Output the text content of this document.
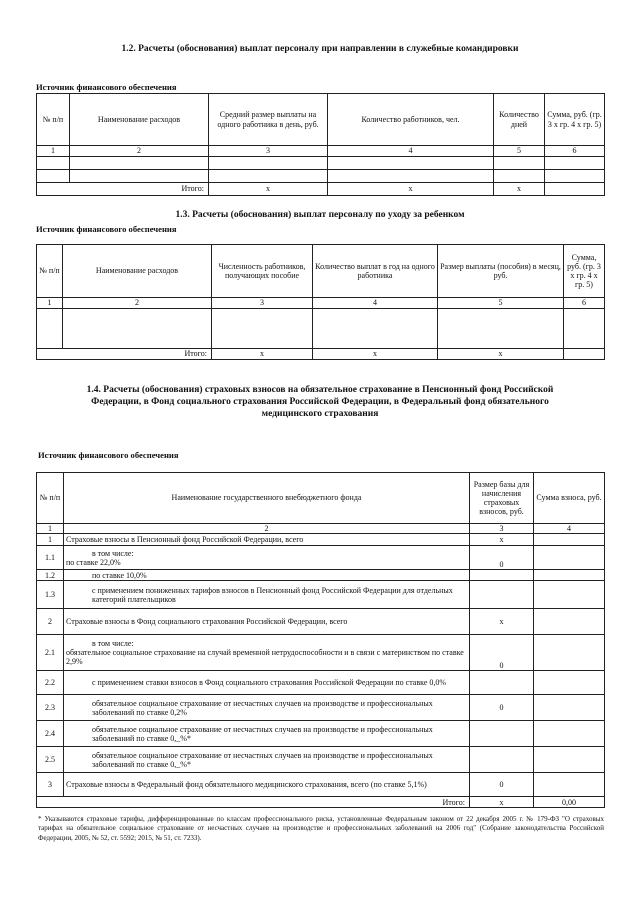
1.2. Расчеты (обоснования) выплат персоналу при направлении в служебные командировки
Источник финансового обеспечения
№ п/п	Наименование расходов	Средний размер выплаты на одного работника в день, руб.	Количество работников, чел.	Количество дней	Сумма, руб. (гр. 3 х гр. 4 х гр. 5)
1	2	3	4	5	6

Итого:		х	х	х	
1.3. Расчеты (обоснования) выплат персоналу по уходу за ребенком
Источник финансового обеспечения
№ п/п	Наименование расходов	Численность работников, получающих пособие	Количество выплат в год на одного работника	Размер выплаты (пособия) в месяц, руб.	Сумма, руб. (гр. 3 х гр. 4 х гр. 5)
1	2	3	4	5	6

Итого:		х	х	х	
1.4. Расчеты (обоснования) страховых взносов на обязательное страхование в Пенсионный фонд Российской
Федерации, в Фонд социального страхования Российской Федерации, в Федеральный фонд обязательного
медицинского страхования
Источник финансового обеспечения
№ п/п	Наименование государственного внебюджетного фонда	Размер базы для начисления страховых взносов, руб.	Сумма взноса, руб.
1	2	3	4
1	Страховые взносы в Пенсионный фонд Российской Федерации, всего	х	
1.1	в том числе:
по ставке 22,0%	0	
1.2	по ставке 10,0%		
1.3	с применением пониженных тарифов взносов в Пенсионный фонд Российской Федерации для отдельных категорий плательщиков		
2	Страховые взносы в Фонд социального страхования Российской Федерации, всего	х	
2.1	в том числе:
обязательное социальное страхование на случай временной нетрудоспособности и в связи с материнством по ставке 2,9%	0	
2.2	с применением ставки взносов в Фонд социального страхования Российской Федерации по ставке 0,0%		
2.3	обязательное социальное страхование от несчастных случаев на производстве и профессиональных заболеваний по ставке 0,2%	0	
2.4	обязательное социальное страхование от несчастных случаев на производстве и профессиональных заболеваний по ставке 0,_%*		
2.5	обязательное социальное страхование от несчастных случаев на производстве и профессиональных заболеваний по ставке 0,_%*		
3	Страховые взносы в Федеральный фонд обязательного медицинского страхования, всего (по ставке 5,1%)	0	
Итого:		х	0,00
* Указываются страховые тарифы, дифференцированные по классам профессионального риска, установленные Федеральным законом от 22 декабря 2005 г. № 179-ФЗ "О страховых тарифах на обязательное социальное страхование от несчастных случаев на производстве и профессиональных заболеваний на 2006 год" (Собрание законодательства Российской Федерации, 2005, № 52, ст. 5592; 2015, № 51, ст. 7233).
